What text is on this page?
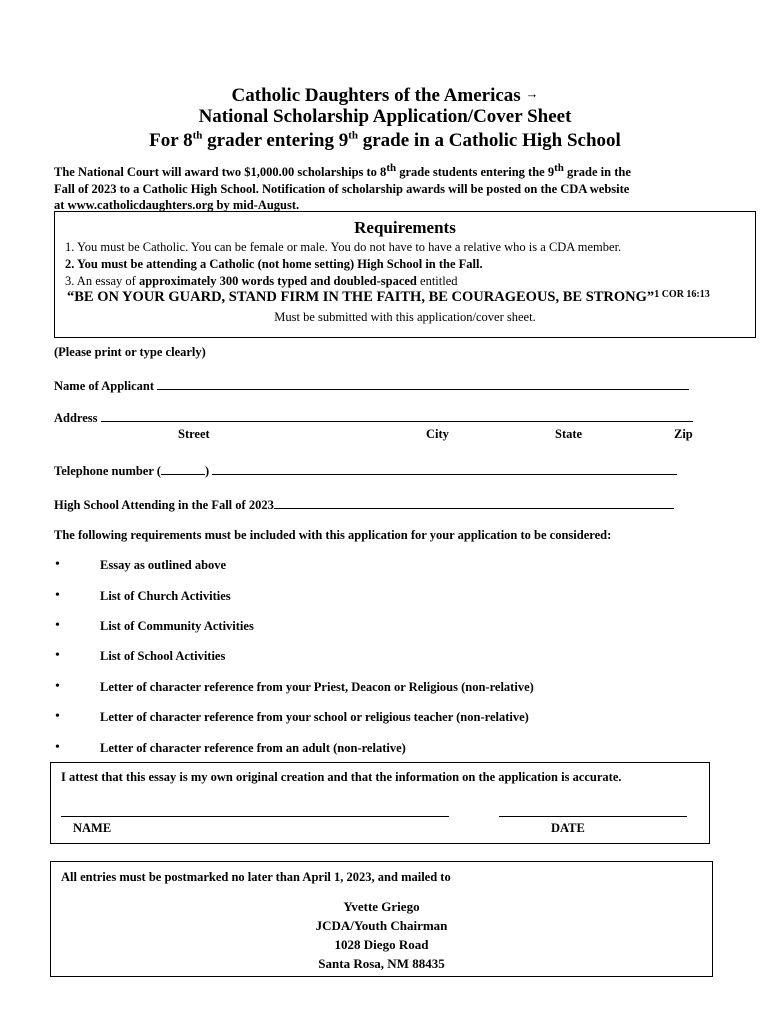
Catholic Daughters of the Americas →
National Scholarship Application/Cover Sheet
For 8th grader entering 9th grade in a Catholic High School
The National Court will award two $1,000.00 scholarships to 8th grade students entering the 9th grade in the
Fall of 2023 to a Catholic High School. Notification of scholarship awards will be posted on the CDA website
at www.catholicdaughters.org by mid-August.
Requirements
1. You must be Catholic. You can be female or male. You do not have to have a relative who is a CDA member.
2. You must be attending a Catholic (not home setting) High School in the Fall.
3. An essay of approximately 300 words typed and doubled-spaced entitled
“BE ON YOUR GUARD, STAND FIRM IN THE FAITH, BE COURAGEOUS, BE STRONG”$^{1 COR 16:13}$
Must be submitted with this application/cover sheet.
(Please print or type clearly)
Name of Applicant
Address
Street	City	State	Zip
Telephone number (	)
High School Attending in the Fall of 2023
The following requirements must be included with this application for your application to be considered:
•	Essay as outlined above
•	List of Church Activities
•	List of Community Activities
•	List of School Activities
•	Letter of character reference from your Priest, Deacon or Religious (non-relative)
•	Letter of character reference from your school or religious teacher (non-relative)
•	Letter of character reference from an adult (non-relative)
I attest that this essay is my own original creation and that the information on the application is accurate.
NAME	DATE
All entries must be postmarked no later than April 1, 2023, and mailed to
Yvette Griego
JCDA/Youth Chairman
1028 Diego Road
Santa Rosa, NM 88435
